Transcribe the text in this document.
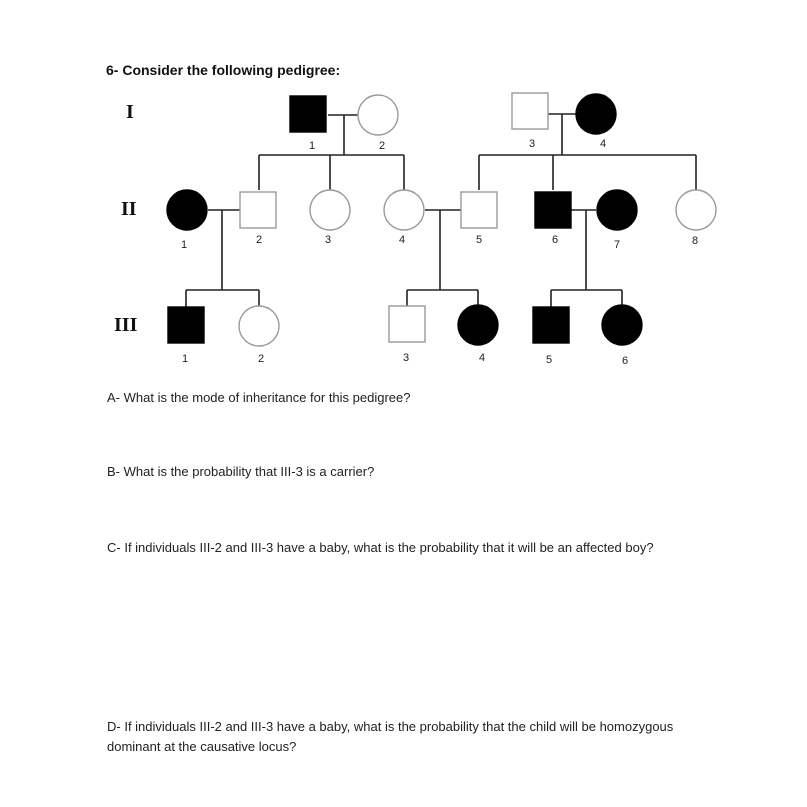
6- Consider the following pedigree:
I
II
III
1	2	3	4
1	2	3	4	5	6	7	8
1	2	3	4	5	6
A- What is the mode of inheritance for this pedigree?
B- What is the probability that III-3 is a carrier?
C- If individuals III-2 and III-3 have a baby, what is the probability that it will be an affected boy?
D- If individuals III-2 and III-3 have a baby, what is the probability that the child will be homozygous dominant at the causative locus?
